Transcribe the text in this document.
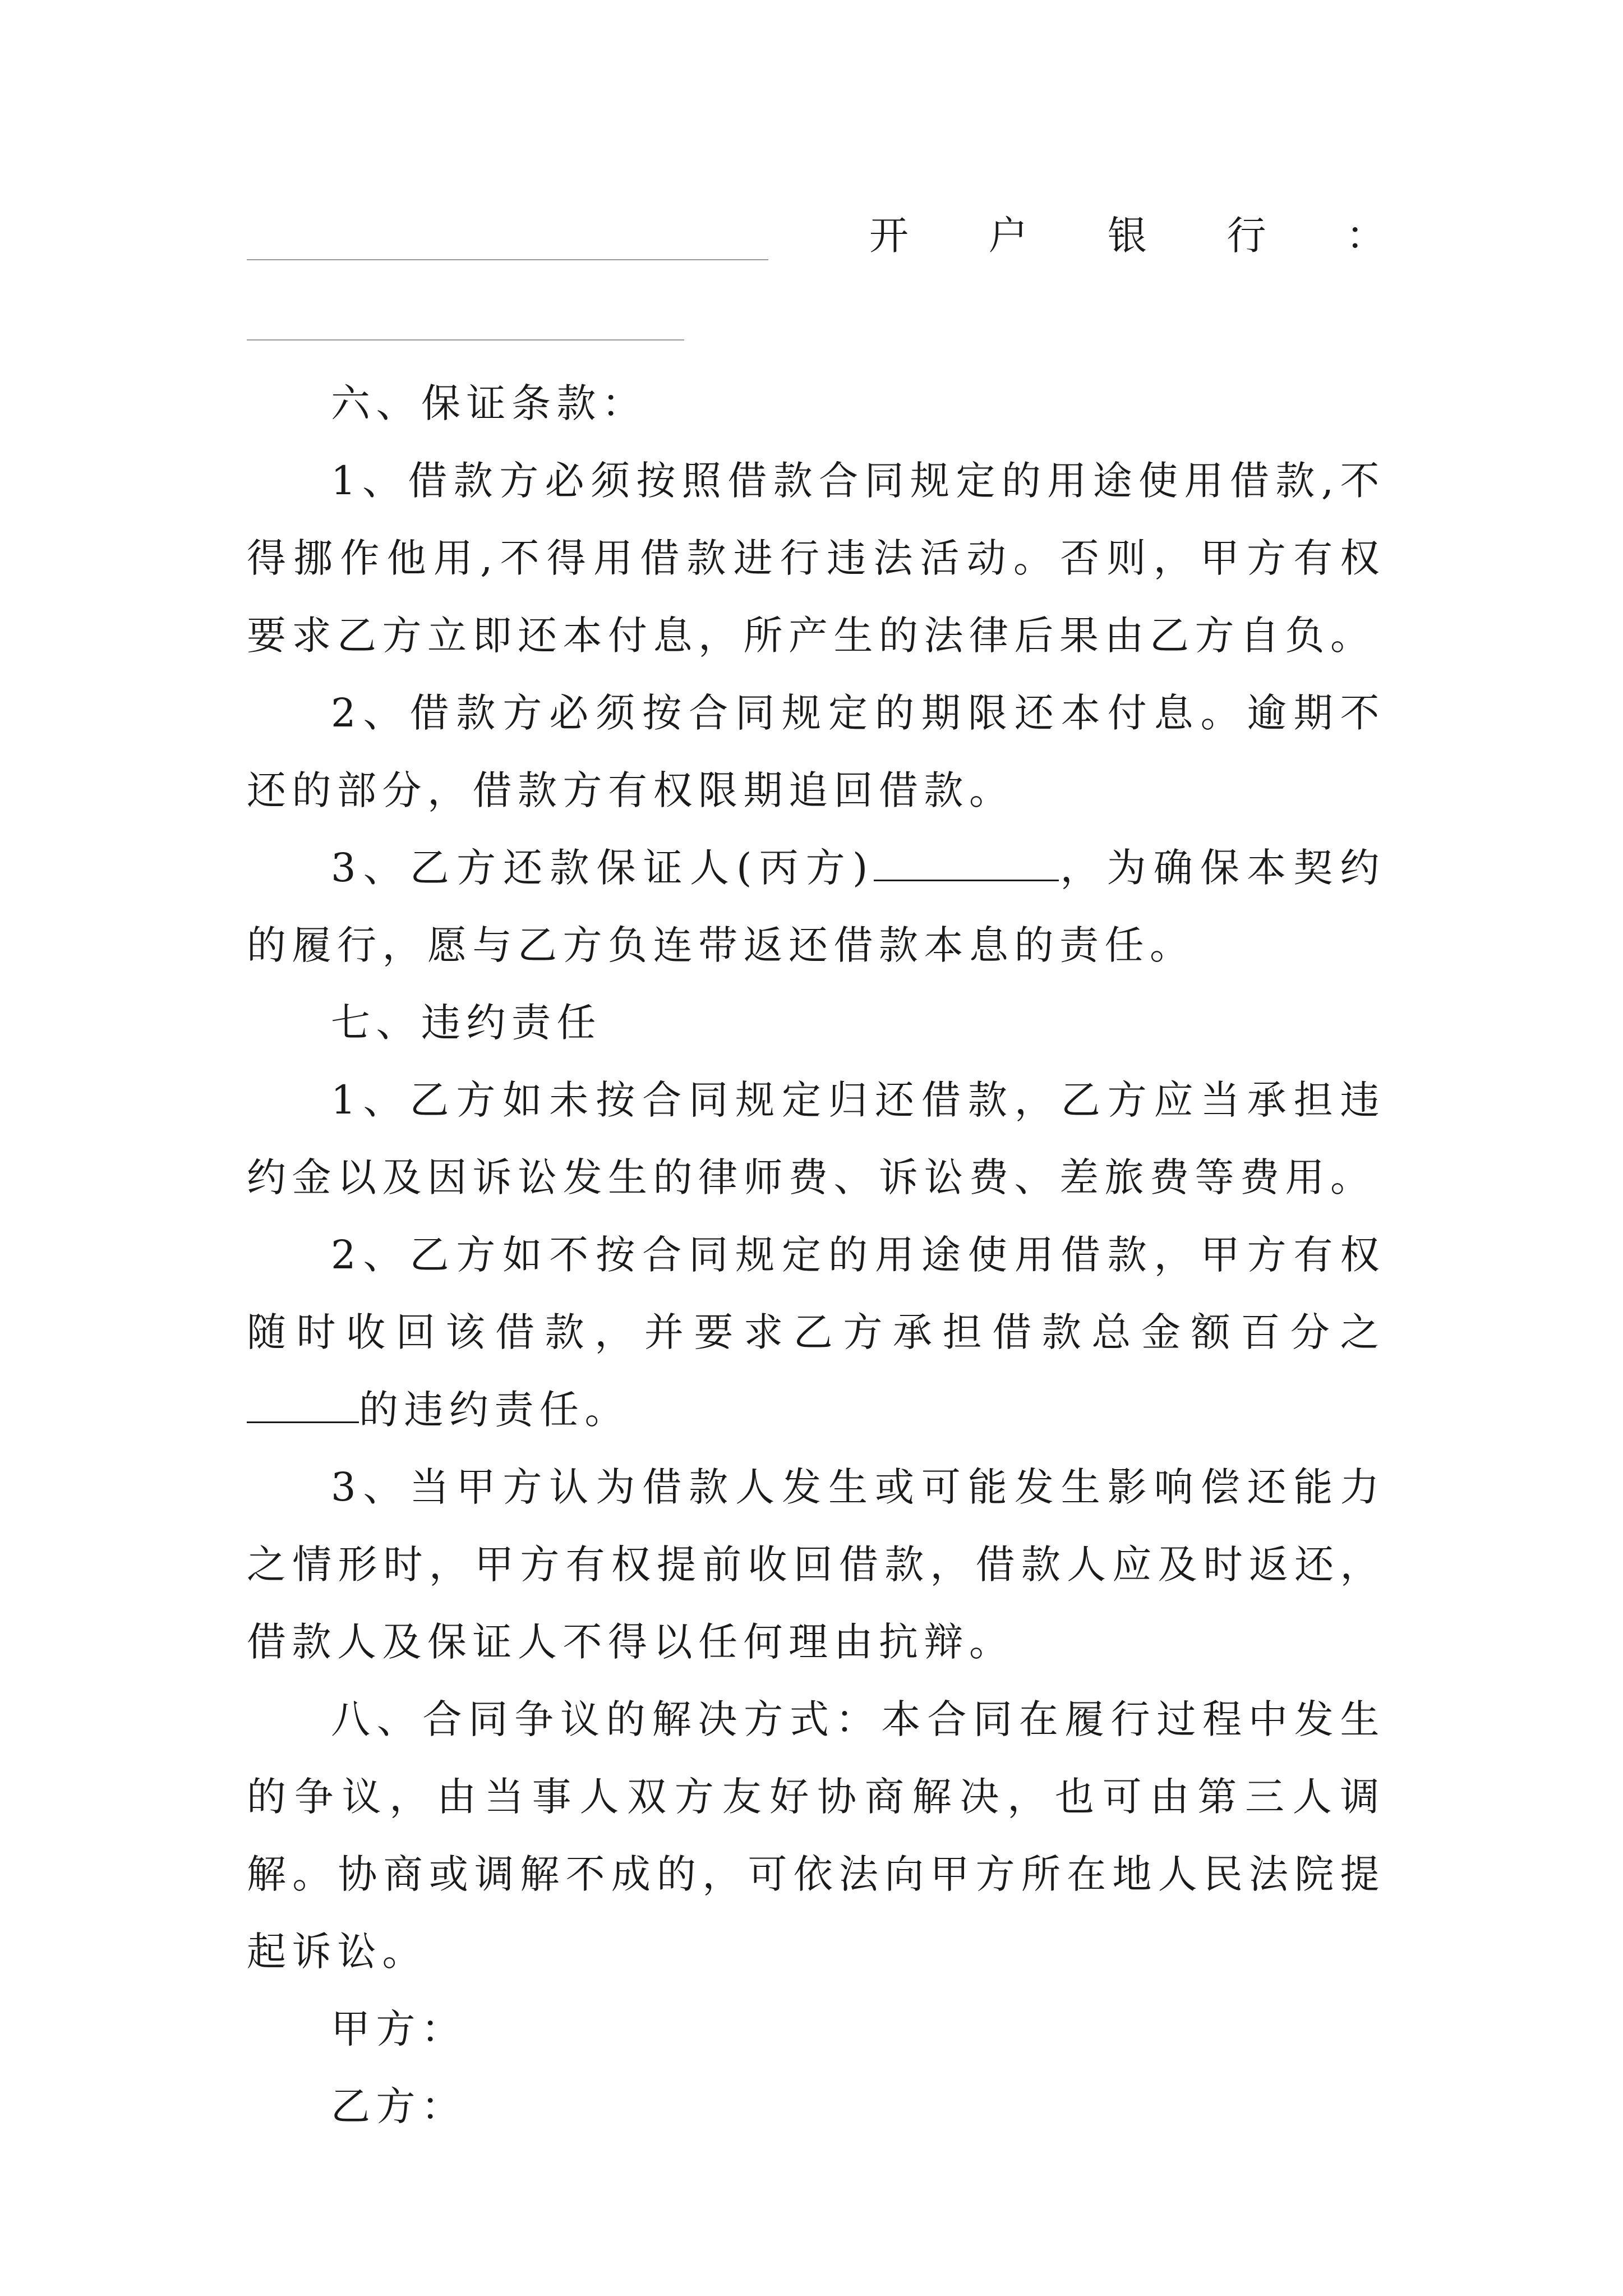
开 户 银 行 ：

六、保证条款：

1、借款方必须按照借款合同规定的用途使用借款,不得挪作他用,不得用借款进行违法活动。否则，甲方有权要求乙方立即还本付息，所产生的法律后果由乙方自负。

2、借款方必须按合同规定的期限还本付息。逾期不还的部分，借款方有权限期追回借款。

3、乙方还款保证人(丙方)	，为确保本契约的履行，愿与乙方负连带返还借款本息的责任。

七、违约责任

1、乙方如未按合同规定归还借款，乙方应当承担违约金以及因诉讼发生的律师费、诉讼费、差旅费等费用。

2、乙方如不按合同规定的用途使用借款，甲方有权随时收回该借款，并要求乙方承担借款总金额百分之的违约责任。

3、当甲方认为借款人发生或可能发生影响偿还能力之情形时，甲方有权提前收回借款，借款人应及时返还，借款人及保证人不得以任何理由抗辩。

八、合同争议的解决方式：本合同在履行过程中发生的争议，由当事人双方友好协商解决，也可由第三人调解。协商或调解不成的，可依法向甲方所在地人民法院提起诉讼。

甲方：

乙方：
